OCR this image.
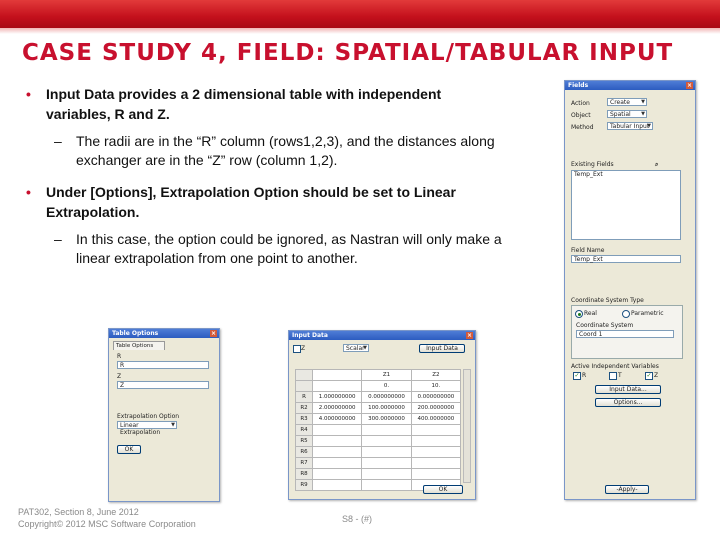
CASE STUDY 4, FIELD: SPATIAL/TABULAR INPUT
• Input Data provides a 2 dimensional table with independent variables, R and Z.
– The radii are in the “R” column (rows1,2,3), and the distances along exchanger are in the “Z” row (column 1,2).
• Under [Options], Extrapolation Option should be set to Linear Extrapolation.
– In this case, the option could be ignored, as Nastran will only make a linear extrapolation from one point to another.
Fields	×
Action	Create ▼
Object	Spatial ▼
Method	Tabular Input ▼
Existing Fields	⌕
Temp_Ext
Field Name
Temp_Ext
Coordinate System Type
Real	Parametric
Coordinate System
Coord 1
Active Independent Variables
✓ R	T	✓ Z
Input Data...
Options...
-Apply-
Table Options	×
Table Options
R
R
Z
Z
Extrapolation Option
Linear Extrapolation ▼
OK
Input Data	×
Z	Scalar ▼	Input Data
		Z1	Z2
		0.	10.
R	1.000000000	0.000000000	0.000000000
R2	2.000000000	100.0000000	200.0000000
R3	4.000000000	300.0000000	400.0000000
R4			
R5			
R6			
R7			
R8			
R9			
OK
PAT302, Section 8, June 2012
Copyright© 2012 MSC Software Corporation	S8 - (#)
